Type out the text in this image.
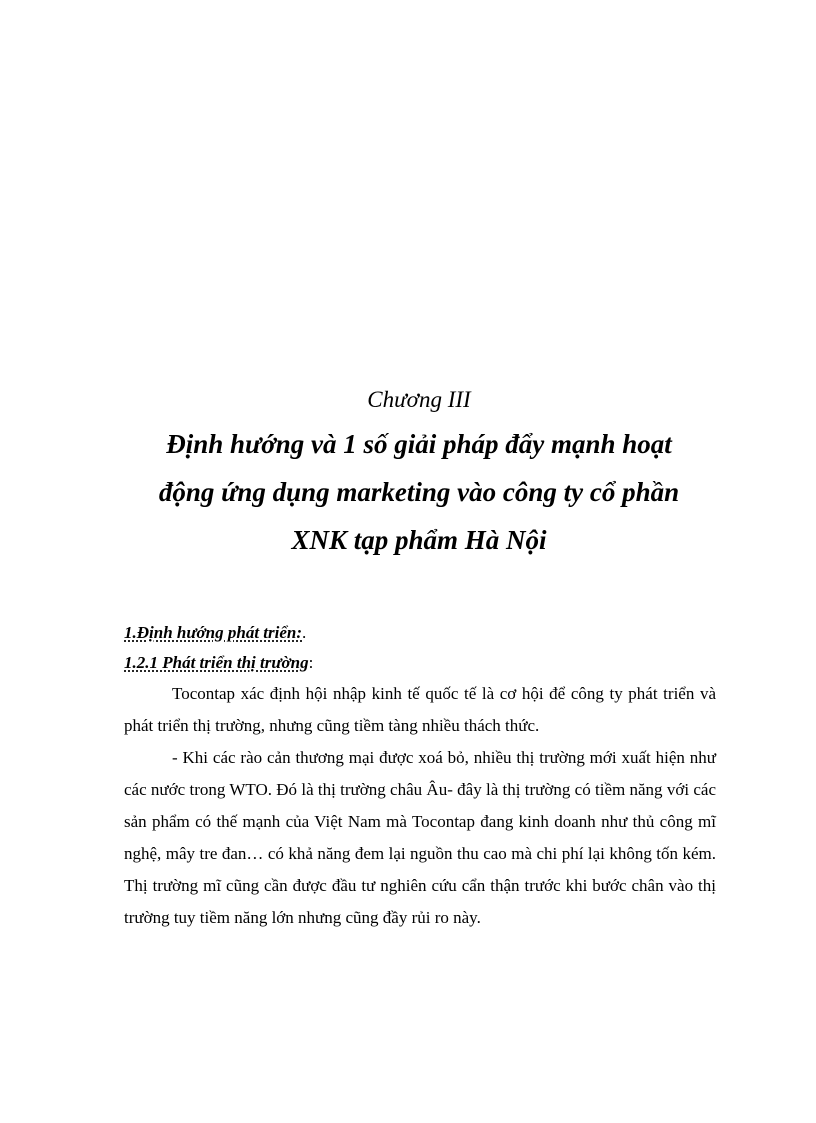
Chương III
Định hướng và 1 số giải pháp đẩy mạnh hoạt
động ứng dụng marketing vào công ty cổ phần
XNK tạp phẩm Hà Nội
1.Định hướng phát triển:.
1.2.1 Phát triển thị trường:

Tocontap xác định hội nhập kinh tế quốc tế là cơ hội để công ty phát triển và phát triển thị trường, nhưng cũng tiềm tàng nhiều thách thức.

- Khi các rào cản thương mại được xoá bỏ, nhiều thị trường mới xuất hiện như các nước trong WTO. Đó là thị trường châu Âu- đây là thị trường có tiềm năng với các sản phẩm có thế mạnh của Việt Nam mà Tocontap đang kinh doanh như thủ công mĩ nghệ, mây tre đan… có khả năng đem lại nguồn thu cao mà chi phí lại không tốn kém. Thị trường mĩ cũng cần được đầu tư nghiên cứu cẩn thận trước khi bước chân vào thị trường tuy tiềm năng lớn nhưng cũng đầy rủi ro này.
